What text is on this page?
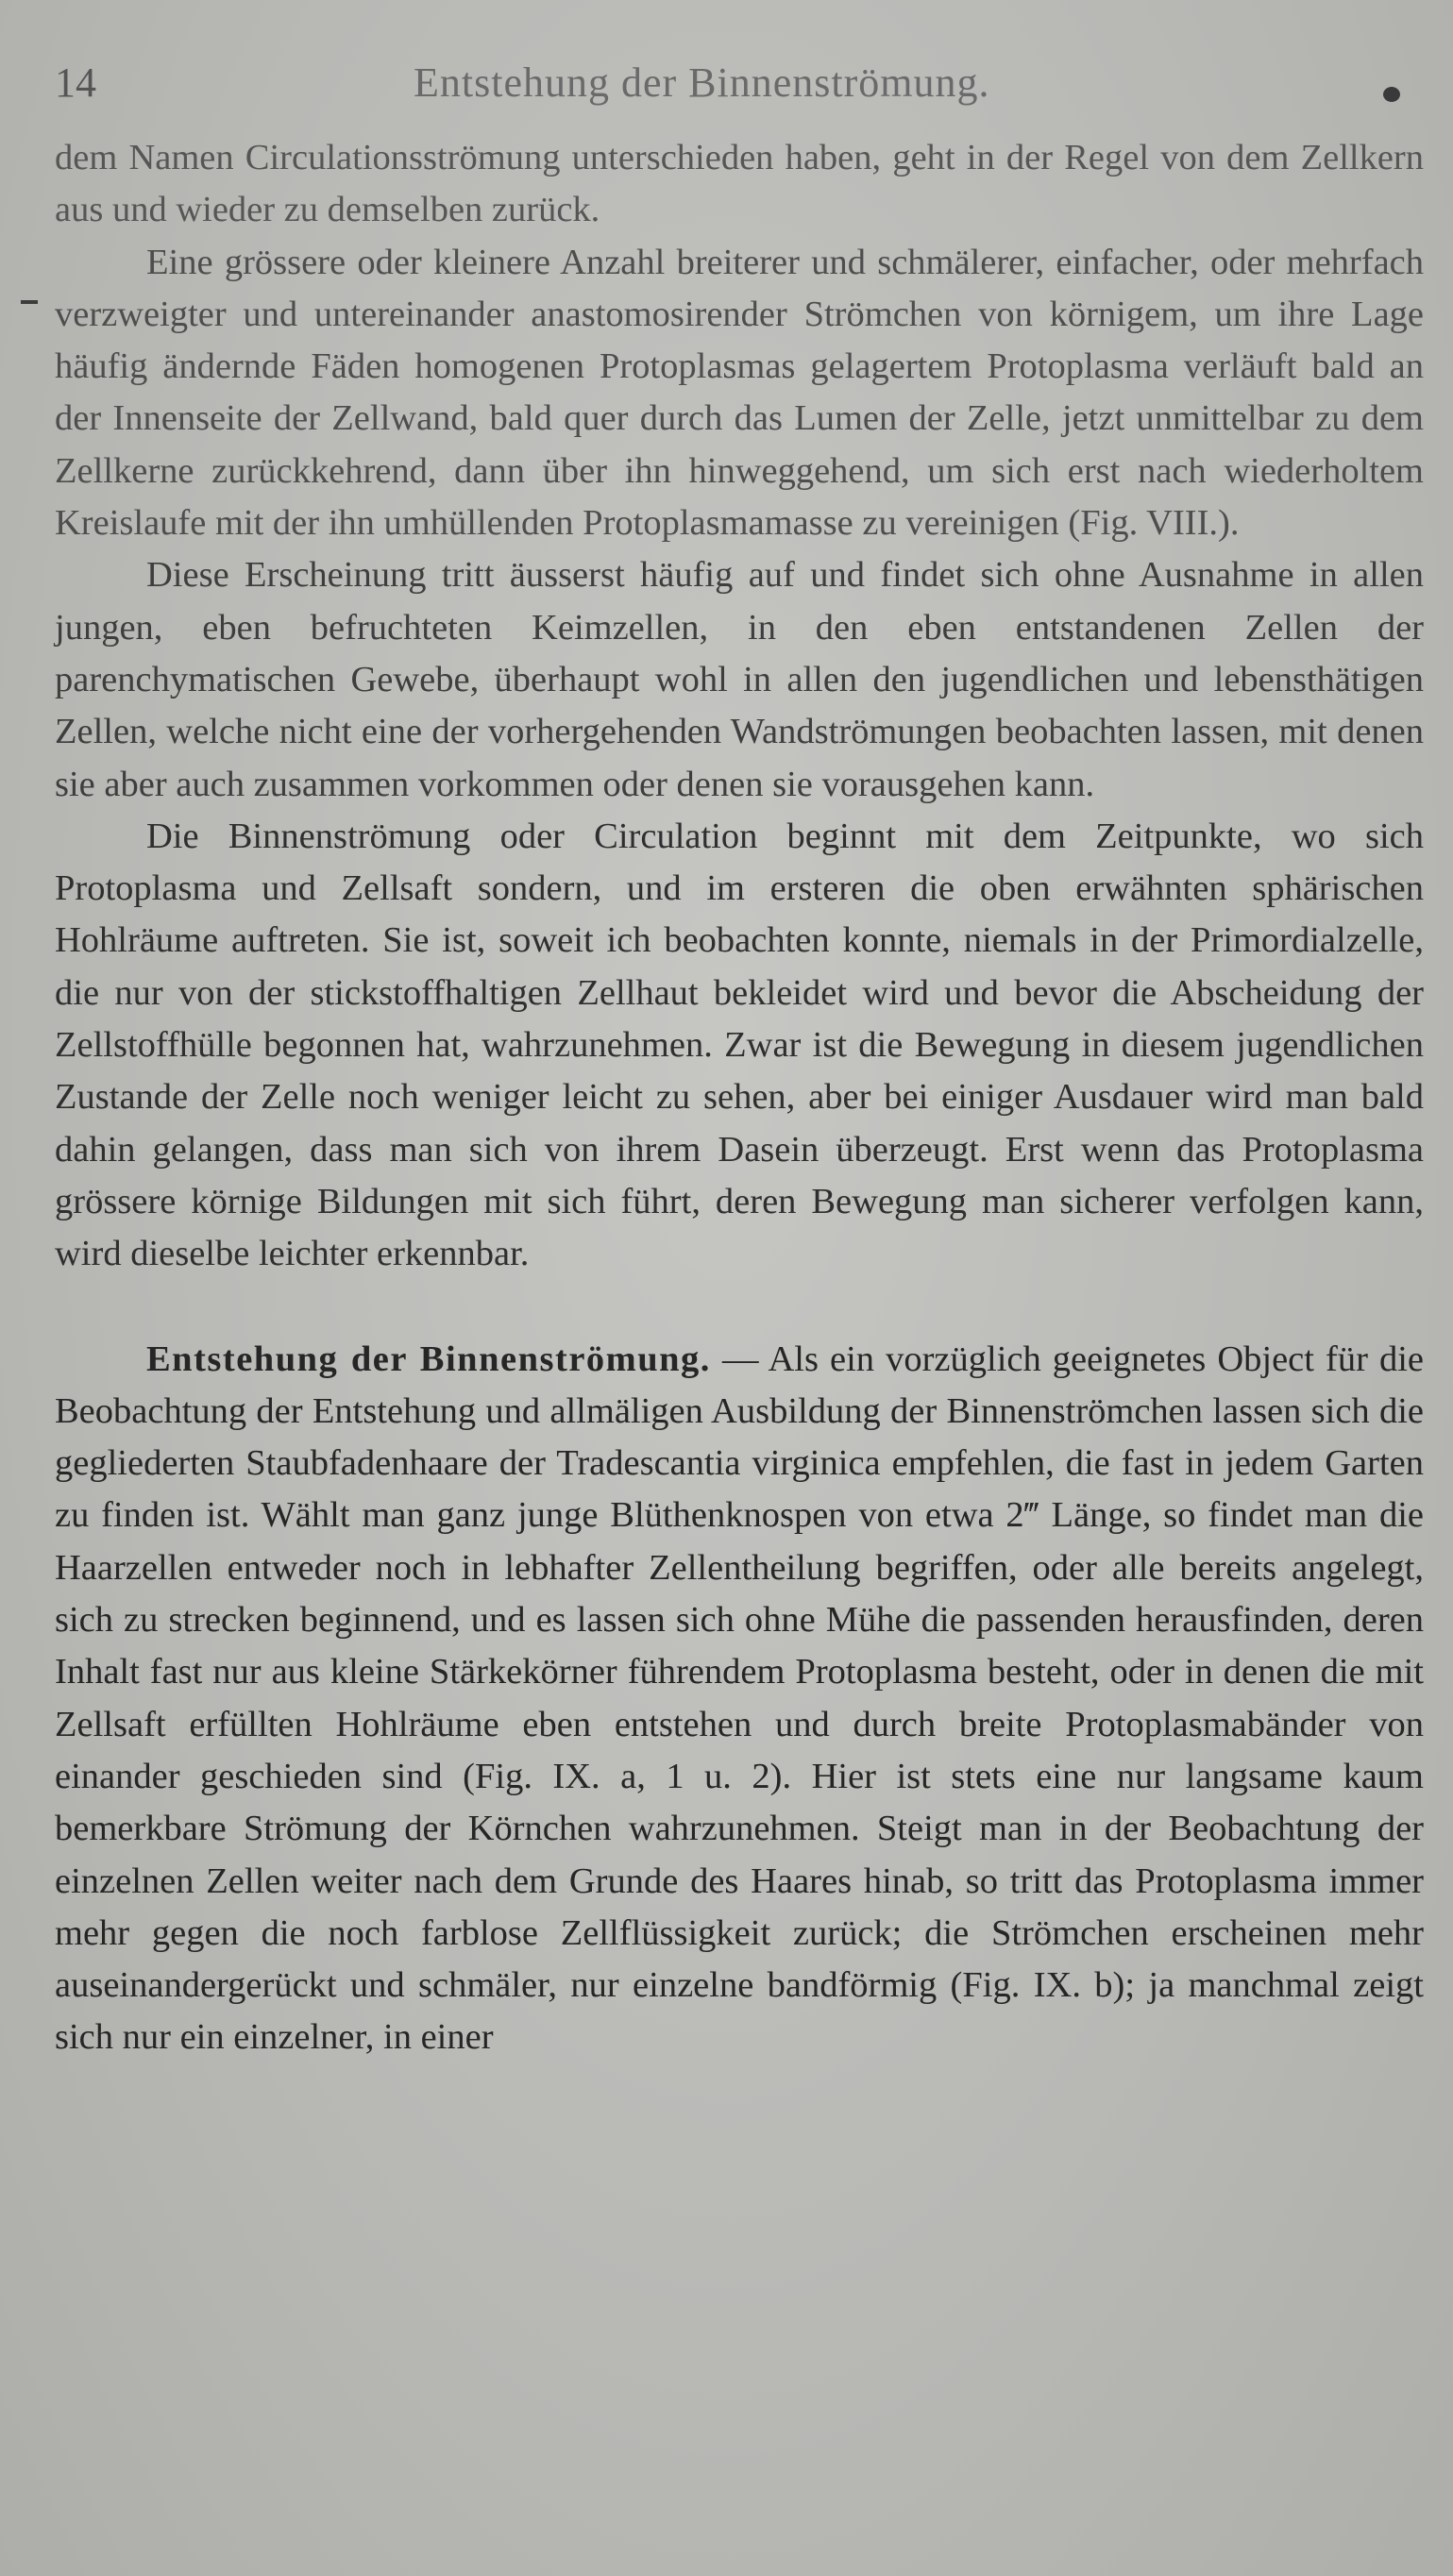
14	Entstehung der Binnenströmung.

dem Namen Circulationsströmung unterschieden haben, geht in der Regel von dem Zellkern aus und wieder zu demselben zurück.

Eine grössere oder kleinere Anzahl breiterer und schmälerer, einfacher, oder mehrfach verzweigter und untereinander anastomosirender Strömchen von körnigem, um ihre Lage häufig ändernde Fäden homogenen Protoplasmas gelagertem Protoplasma verläuft bald an der Innenseite der Zellwand, bald quer durch das Lumen der Zelle, jetzt unmittelbar zu dem Zellkerne zurückkehrend, dann über ihn hinweggehend, um sich erst nach wiederholtem Kreislaufe mit der ihn umhüllenden Protoplasmamasse zu vereinigen (Fig. VIII.).

Diese Erscheinung tritt äusserst häufig auf und findet sich ohne Ausnahme in allen jungen, eben befruchteten Keimzellen, in den eben entstandenen Zellen der parenchymatischen Gewebe, überhaupt wohl in allen den jugendlichen und lebensthätigen Zellen, welche nicht eine der vorhergehenden Wandströmungen beobachten lassen, mit denen sie aber auch zusammen vorkommen oder denen sie vorausgehen kann.

Die Binnenströmung oder Circulation beginnt mit dem Zeitpunkte, wo sich Protoplasma und Zellsaft sondern, und im ersteren die oben erwähnten sphärischen Hohlräume auftreten. Sie ist, soweit ich beobachten konnte, niemals in der Primordialzelle, die nur von der stickstoffhaltigen Zellhaut bekleidet wird und bevor die Abscheidung der Zellstoffhülle begonnen hat, wahrzunehmen. Zwar ist die Bewegung in diesem jugendlichen Zustande der Zelle noch weniger leicht zu sehen, aber bei einiger Ausdauer wird man bald dahin gelangen, dass man sich von ihrem Dasein überzeugt. Erst wenn das Protoplasma grössere körnige Bildungen mit sich führt, deren Bewegung man sicherer verfolgen kann, wird dieselbe leichter erkennbar.

Entstehung der Binnenströmung. — Als ein vorzüglich geeignetes Object für die Beobachtung der Entstehung und allmäligen Ausbildung der Binnenströmchen lassen sich die gegliederten Staubfadenhaare der Tradescantia virginica empfehlen, die fast in jedem Garten zu finden ist. Wählt man ganz junge Blüthenknospen von etwa 2‴ Länge, so findet man die Haarzellen entweder noch in lebhafter Zellentheilung begriffen, oder alle bereits angelegt, sich zu strecken beginnend, und es lassen sich ohne Mühe die passenden herausfinden, deren Inhalt fast nur aus kleine Stärkekörner führendem Protoplasma besteht, oder in denen die mit Zellsaft erfüllten Hohlräume eben entstehen und durch breite Protoplasmabänder von einander geschieden sind (Fig. IX. a, 1 u. 2). Hier ist stets eine nur langsame kaum bemerkbare Strömung der Körnchen wahrzunehmen. Steigt man in der Beobachtung der einzelnen Zellen weiter nach dem Grunde des Haares hinab, so tritt das Protoplasma immer mehr gegen die noch farblose Zellflüssigkeit zurück; die Strömchen erscheinen mehr auseinandergerückt und schmäler, nur einzelne bandförmig (Fig. IX. b); ja manchmal zeigt sich nur ein einzelner, in einer
